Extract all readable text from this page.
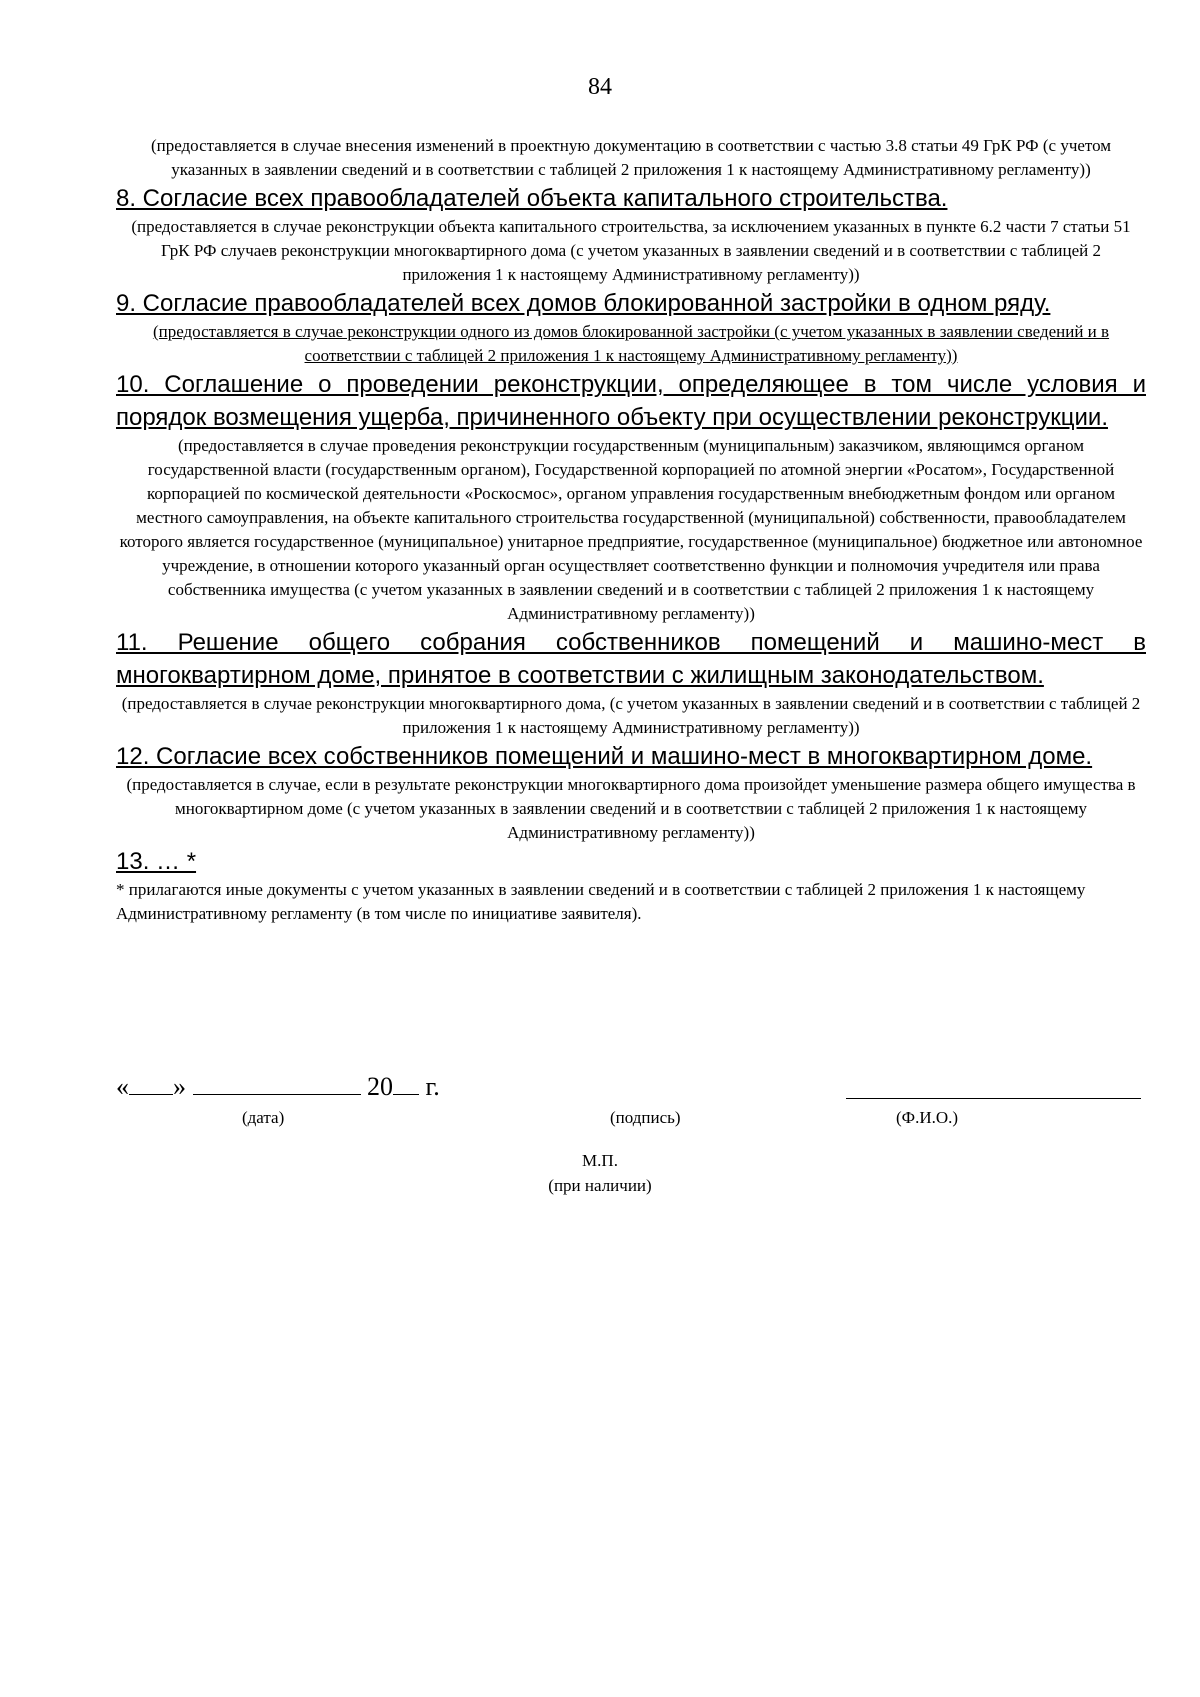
84

(предоставляется в случае внесения изменений в проектную документацию в соответствии с частью 3.8 статьи 49 ГрК РФ (с учетом указанных в заявлении сведений и в соответствии с таблицей 2 приложения 1 к настоящему Административному регламенту))

8. Согласие всех правообладателей объекта капитального строительства.

(предоставляется в случае реконструкции объекта капитального строительства, за исключением указанных в пункте 6.2 части 7 статьи 51 ГрК РФ случаев реконструкции многоквартирного дома (с учетом указанных в заявлении сведений и в соответствии с таблицей 2 приложения 1 к настоящему Административному регламенту))

9. Согласие правообладателей всех домов блокированной застройки в одном ряду.

(предоставляется в случае реконструкции одного из домов блокированной застройки (с учетом указанных в заявлении сведений и в соответствии с таблицей 2 приложения 1 к настоящему Административному регламенту))

10. Соглашение о проведении реконструкции, определяющее в том числе условия и порядок возмещения ущерба, причиненного объекту при осуществлении реконструкции.

(предоставляется в случае проведения реконструкции государственным (муниципальным) заказчиком, являющимся органом государственной власти (государственным органом), Государственной корпорацией по атомной энергии «Росатом», Государственной корпорацией по космической деятельности «Роскосмос», органом управления государственным внебюджетным фондом или органом местного самоуправления, на объекте капитального строительства государственной (муниципальной) собственности, правообладателем которого является государственное (муниципальное) унитарное предприятие, государственное (муниципальное) бюджетное или автономное учреждение, в отношении которого указанный орган осуществляет соответственно функции и полномочия учредителя или права собственника имущества (с учетом указанных в заявлении сведений и в соответствии с таблицей 2 приложения 1 к настоящему Административному регламенту))

11. Решение общего собрания собственников помещений и машино-мест в многоквартирном доме, принятое в соответствии с жилищным законодательством.

(предоставляется в случае реконструкции многоквартирного дома, (с учетом указанных в заявлении сведений и в соответствии с таблицей 2 приложения 1 к настоящему Административному регламенту))

12. Согласие всех собственников помещений и машино-мест в многоквартирном доме.

(предоставляется в случае, если в результате реконструкции многоквартирного дома произойдет уменьшение размера общего имущества в многоквартирном доме (с учетом указанных в заявлении сведений и в соответствии с таблицей 2 приложения 1 к настоящему Административному регламенту))

13. … *

* прилагаются иные документы с учетом указанных в заявлении сведений и в соответствии с таблицей 2 приложения 1 к настоящему Административному регламенту (в том числе по инициативе заявителя).

« »	20 г.
(дата)	(подпись)	(Ф.И.О.)
М.П.
(при наличии)
